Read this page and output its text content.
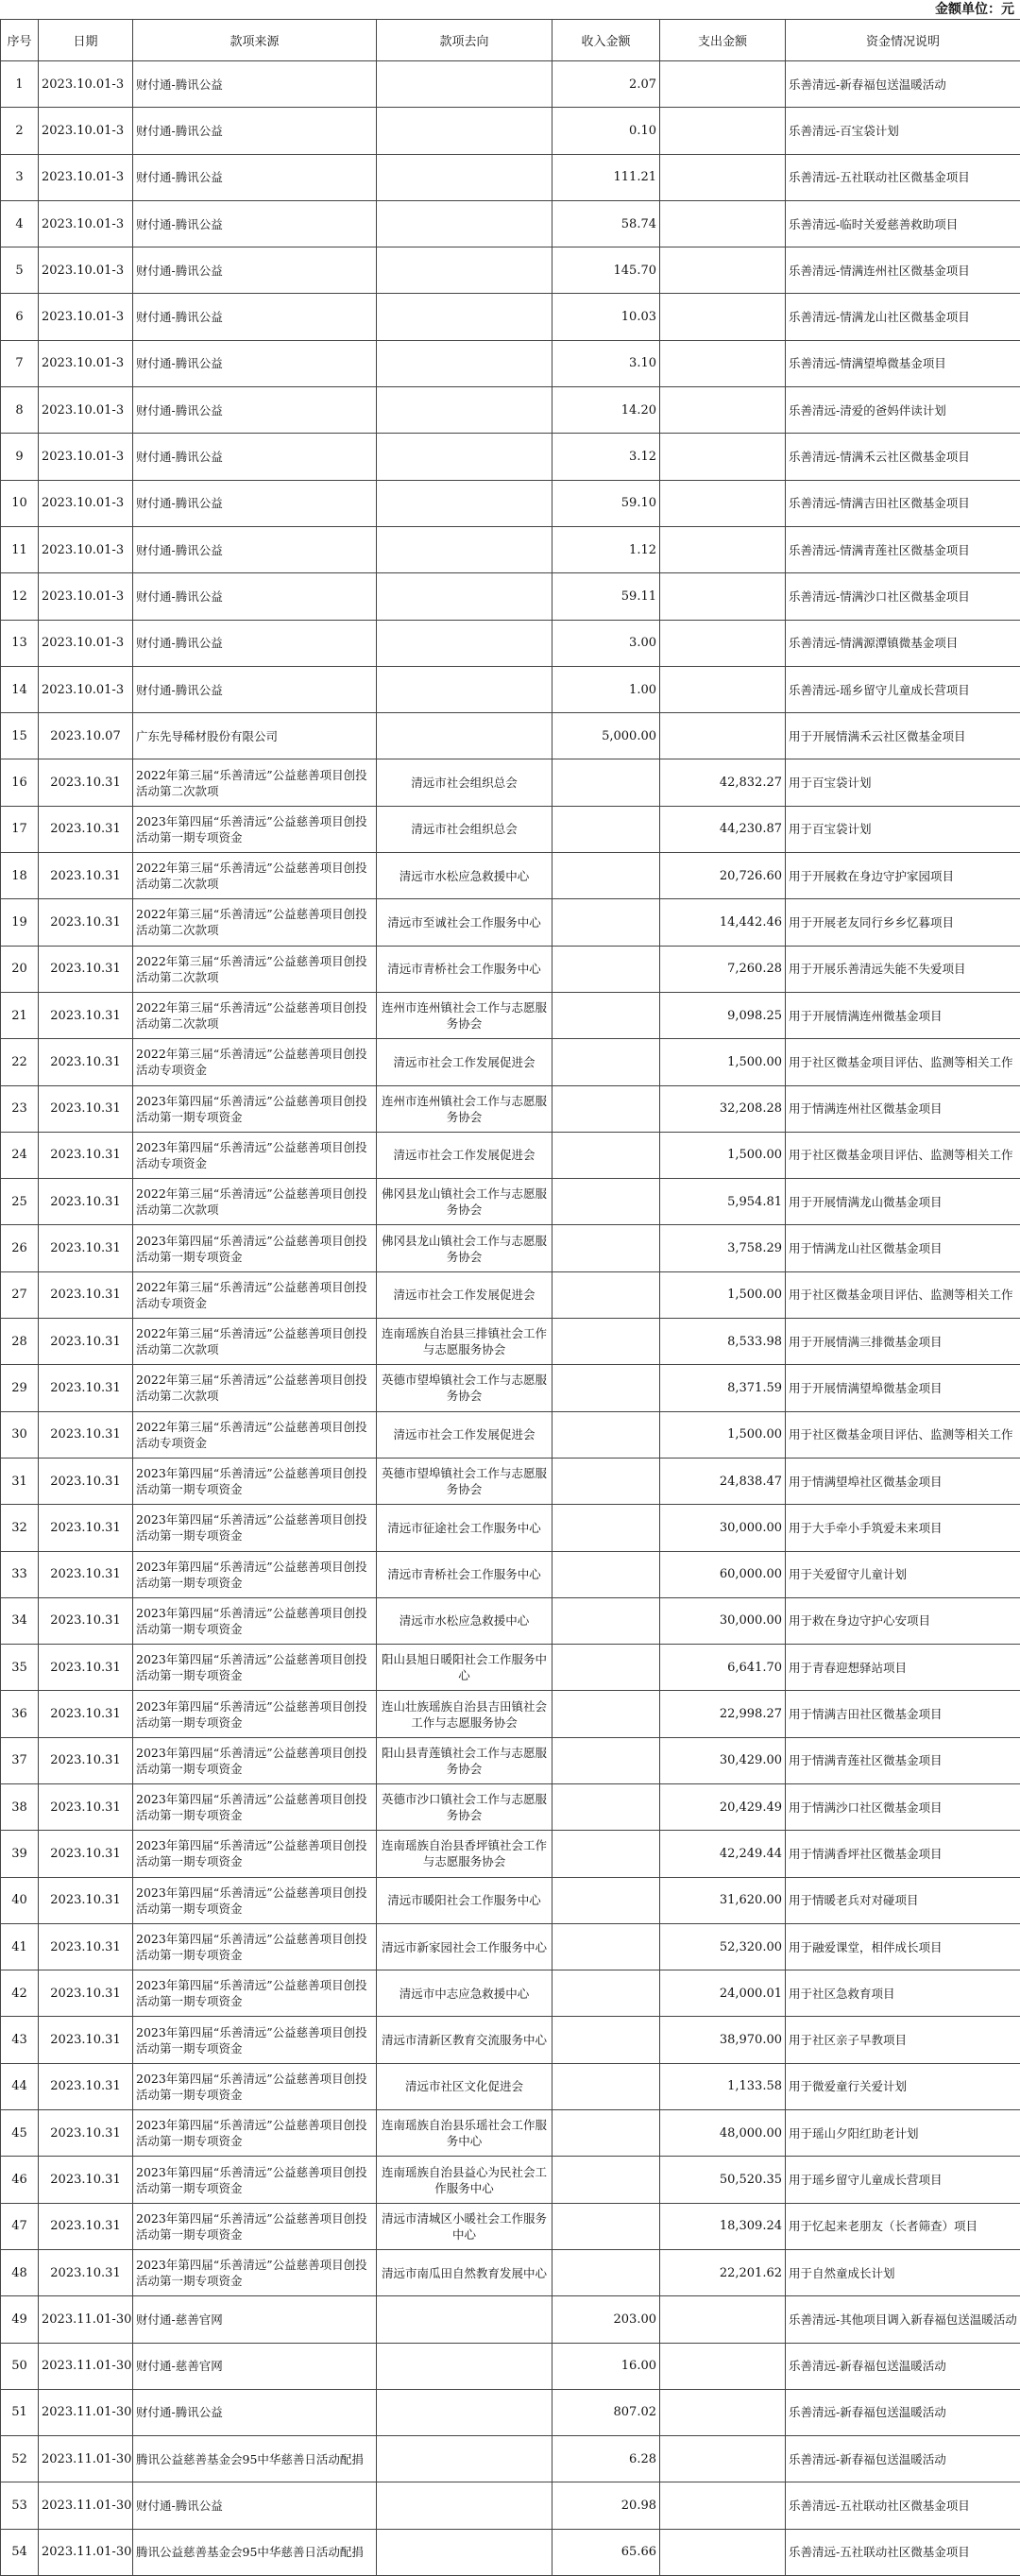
金额单位：元
序号	日期	款项来源	款项去向	收入金额	支出金额	资金情况说明
1	2023.10.01-3	财付通-腾讯公益		2.07		乐善清远-新春福包送温暖活动
2	2023.10.01-3	财付通-腾讯公益		0.10		乐善清远-百宝袋计划
3	2023.10.01-3	财付通-腾讯公益		111.21		乐善清远-五社联动社区微基金项目
4	2023.10.01-3	财付通-腾讯公益		58.74		乐善清远-临时关爱慈善救助项目
5	2023.10.01-3	财付通-腾讯公益		145.70		乐善清远-情满连州社区微基金项目
6	2023.10.01-3	财付通-腾讯公益		10.03		乐善清远-情满龙山社区微基金项目
7	2023.10.01-3	财付通-腾讯公益		3.10		乐善清远-情满望埠微基金项目
8	2023.10.01-3	财付通-腾讯公益		14.20		乐善清远-清爱的爸妈伴读计划
9	2023.10.01-3	财付通-腾讯公益		3.12		乐善清远-情满禾云社区微基金项目
10	2023.10.01-3	财付通-腾讯公益		59.10		乐善清远-情满吉田社区微基金项目
11	2023.10.01-3	财付通-腾讯公益		1.12		乐善清远-情满青莲社区微基金项目
12	2023.10.01-3	财付通-腾讯公益		59.11		乐善清远-情满沙口社区微基金项目
13	2023.10.01-3	财付通-腾讯公益		3.00		乐善清远-情满源潭镇微基金项目
14	2023.10.01-3	财付通-腾讯公益		1.00		乐善清远-瑶乡留守儿童成长营项目
15	2023.10.07	广东先导稀材股份有限公司		5,000.00		用于开展情满禾云社区微基金项目
16	2023.10.31	2022年第三届“乐善清远”公益慈善项目创投活动第二次款项	清远市社会组织总会		42,832.27	用于百宝袋计划
17	2023.10.31	2023年第四届“乐善清远”公益慈善项目创投活动第一期专项资金	清远市社会组织总会		44,230.87	用于百宝袋计划
18	2023.10.31	2022年第三届“乐善清远”公益慈善项目创投活动第二次款项	清远市水松应急救援中心		20,726.60	用于开展救在身边守护家园项目
19	2023.10.31	2022年第三届“乐善清远”公益慈善项目创投活动第二次款项	清远市至诚社会工作服务中心		14,442.46	用于开展老友同行乡乡忆暮项目
20	2023.10.31	2022年第三届“乐善清远”公益慈善项目创投活动第二次款项	清远市青桥社会工作服务中心		7,260.28	用于开展乐善清远失能不失爱项目
21	2023.10.31	2022年第三届“乐善清远”公益慈善项目创投活动第二次款项	连州市连州镇社会工作与志愿服务协会		9,098.25	用于开展情满连州微基金项目
22	2023.10.31	2022年第三届“乐善清远”公益慈善项目创投活动专项资金	清远市社会工作发展促进会		1,500.00	用于社区微基金项目评估、监测等相关工作
23	2023.10.31	2023年第四届“乐善清远”公益慈善项目创投活动第一期专项资金	连州市连州镇社会工作与志愿服务协会		32,208.28	用于情满连州社区微基金项目
24	2023.10.31	2023年第四届“乐善清远”公益慈善项目创投活动专项资金	清远市社会工作发展促进会		1,500.00	用于社区微基金项目评估、监测等相关工作
25	2023.10.31	2022年第三届“乐善清远”公益慈善项目创投活动第二次款项	佛冈县龙山镇社会工作与志愿服务协会		5,954.81	用于开展情满龙山微基金项目
26	2023.10.31	2023年第四届“乐善清远”公益慈善项目创投活动第一期专项资金	佛冈县龙山镇社会工作与志愿服务协会		3,758.29	用于情满龙山社区微基金项目
27	2023.10.31	2022年第三届“乐善清远”公益慈善项目创投活动专项资金	清远市社会工作发展促进会		1,500.00	用于社区微基金项目评估、监测等相关工作
28	2023.10.31	2022年第三届“乐善清远”公益慈善项目创投活动第二次款项	连南瑶族自治县三排镇社会工作与志愿服务协会		8,533.98	用于开展情满三排微基金项目
29	2023.10.31	2022年第三届“乐善清远”公益慈善项目创投活动第二次款项	英德市望埠镇社会工作与志愿服务协会		8,371.59	用于开展情满望埠微基金项目
30	2023.10.31	2022年第三届“乐善清远”公益慈善项目创投活动专项资金	清远市社会工作发展促进会		1,500.00	用于社区微基金项目评估、监测等相关工作
31	2023.10.31	2023年第四届“乐善清远”公益慈善项目创投活动第一期专项资金	英德市望埠镇社会工作与志愿服务协会		24,838.47	用于情满望埠社区微基金项目
32	2023.10.31	2023年第四届“乐善清远”公益慈善项目创投活动第一期专项资金	清远市征途社会工作服务中心		30,000.00	用于大手牵小手筑爱未来项目
33	2023.10.31	2023年第四届“乐善清远”公益慈善项目创投活动第一期专项资金	清远市青桥社会工作服务中心		60,000.00	用于关爱留守儿童计划
34	2023.10.31	2023年第四届“乐善清远”公益慈善项目创投活动第一期专项资金	清远市水松应急救援中心		30,000.00	用于救在身边守护心安项目
35	2023.10.31	2023年第四届“乐善清远”公益慈善项目创投活动第一期专项资金	阳山县旭日暖阳社会工作服务中心		6,641.70	用于青春迎想驿站项目
36	2023.10.31	2023年第四届“乐善清远”公益慈善项目创投活动第一期专项资金	连山壮族瑶族自治县吉田镇社会工作与志愿服务协会		22,998.27	用于情满吉田社区微基金项目
37	2023.10.31	2023年第四届“乐善清远”公益慈善项目创投活动第一期专项资金	阳山县青莲镇社会工作与志愿服务协会		30,429.00	用于情满青莲社区微基金项目
38	2023.10.31	2023年第四届“乐善清远”公益慈善项目创投活动第一期专项资金	英德市沙口镇社会工作与志愿服务协会		20,429.49	用于情满沙口社区微基金项目
39	2023.10.31	2023年第四届“乐善清远”公益慈善项目创投活动第一期专项资金	连南瑶族自治县香坪镇社会工作与志愿服务协会		42,249.44	用于情满香坪社区微基金项目
40	2023.10.31	2023年第四届“乐善清远”公益慈善项目创投活动第一期专项资金	清远市暖阳社会工作服务中心		31,620.00	用于情暖老兵对对碰项目
41	2023.10.31	2023年第四届“乐善清远”公益慈善项目创投活动第一期专项资金	清远市新家园社会工作服务中心		52,320.00	用于融爱课堂，相伴成长项目
42	2023.10.31	2023年第四届“乐善清远”公益慈善项目创投活动第一期专项资金	清远市中志应急救援中心		24,000.01	用于社区急救育项目
43	2023.10.31	2023年第四届“乐善清远”公益慈善项目创投活动第一期专项资金	清远市清新区教育交流服务中心		38,970.00	用于社区亲子早教项目
44	2023.10.31	2023年第四届“乐善清远”公益慈善项目创投活动第一期专项资金	清远市社区文化促进会		1,133.58	用于微爱童行关爱计划
45	2023.10.31	2023年第四届“乐善清远”公益慈善项目创投活动第一期专项资金	连南瑶族自治县乐瑶社会工作服务中心		48,000.00	用于瑶山夕阳红助老计划
46	2023.10.31	2023年第四届“乐善清远”公益慈善项目创投活动第一期专项资金	连南瑶族自治县益心为民社会工作服务中心		50,520.35	用于瑶乡留守儿童成长营项目
47	2023.10.31	2023年第四届“乐善清远”公益慈善项目创投活动第一期专项资金	清远市清城区小暖社会工作服务中心		18,309.24	用于忆起来老朋友（长者筛查）项目
48	2023.10.31	2023年第四届“乐善清远”公益慈善项目创投活动第一期专项资金	清远市南瓜田自然教育发展中心		22,201.62	用于自然童成长计划
49	2023.11.01-30	财付通-慈善官网		203.00		乐善清远-其他项目调入新春福包送温暖活动
50	2023.11.01-30	财付通-慈善官网		16.00		乐善清远-新春福包送温暖活动
51	2023.11.01-30	财付通-腾讯公益		807.02		乐善清远-新春福包送温暖活动
52	2023.11.01-30	腾讯公益慈善基金会95中华慈善日活动配捐		6.28		乐善清远-新春福包送温暖活动
53	2023.11.01-30	财付通-腾讯公益		20.98		乐善清远-五社联动社区微基金项目
54	2023.11.01-30	腾讯公益慈善基金会95中华慈善日活动配捐		65.66		乐善清远-五社联动社区微基金项目
